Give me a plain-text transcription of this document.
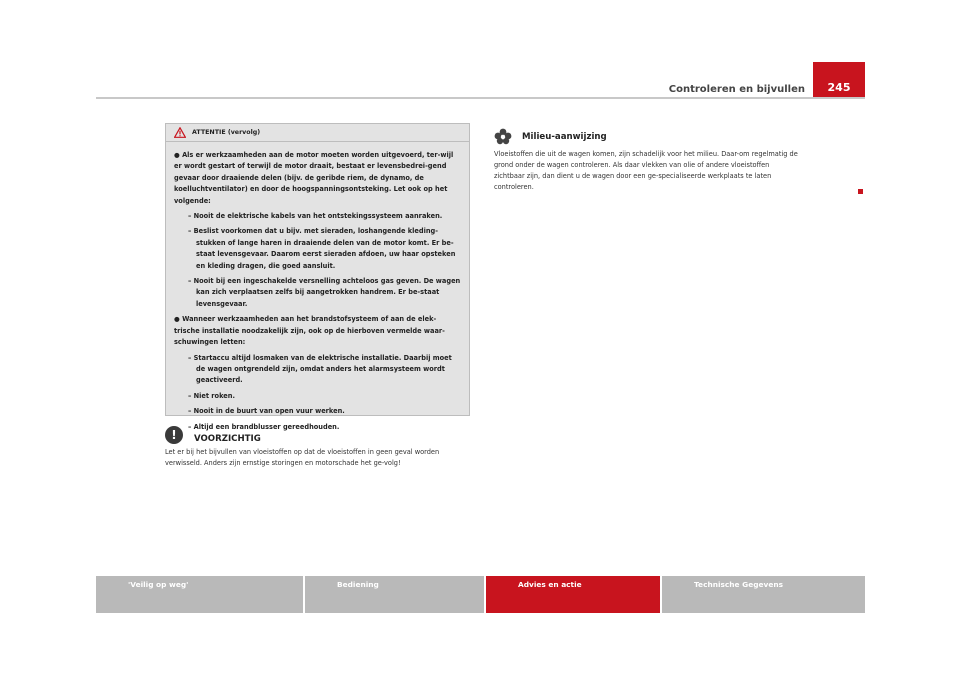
Controleren en bijvullen 245
ATTENTIE (vervolg)
● Als er werkzaamheden aan de motor moeten worden uitgevoerd, ter-wijl er wordt gestart of terwijl de motor draait, bestaat er levensbedrei-gend gevaar door draaiende delen (bijv. de geribde riem, de dynamo, de koelluchtventilator) en door de hoogspanningsontsteking. Let ook op het volgende:
– Nooit de elektrische kabels van het ontstekingssysteem aanraken.
– Beslist voorkomen dat u bijv. met sieraden, loshangende kleding-stukken of lange haren in draaiende delen van de motor komt. Er be-staat levensgevaar. Daarom eerst sieraden afdoen, uw haar opsteken en kleding dragen, die goed aansluit.
– Nooit bij een ingeschakelde versnelling achteloos gas geven. De wagen kan zich verplaatsen zelfs bij aangetrokken handrem. Er be-staat levensgevaar.
● Wanneer werkzaamheden aan het brandstofsysteem of aan de elek-trische installatie noodzakelijk zijn, ook op de hierboven vermelde waar-schuwingen letten:
– Startaccu altijd losmaken van de elektrische installatie. Daarbij moet de wagen ontgrendeld zijn, omdat anders het alarmsysteem wordt geactiveerd.
– Niet roken.
– Nooit in de buurt van open vuur werken.
– Altijd een brandblusser gereedhouden.
!	VOORZICHTIG
Let er bij het bijvullen van vloeistoffen op dat de vloeistoffen in geen geval worden verwisseld. Anders zijn ernstige storingen en motorschade het ge-volg!
Milieu-aanwijzing
Vloeistoffen die uit de wagen komen, zijn schadelijk voor het milieu. Daar-om regelmatig de grond onder de wagen controleren. Als daar vlekken van olie of andere vloeistoffen zichtbaar zijn, dan dient u de wagen door een ge-specialiseerde werkplaats te laten controleren.
'Veilig op weg'	Bediening	Advies en actie	Technische Gegevens
